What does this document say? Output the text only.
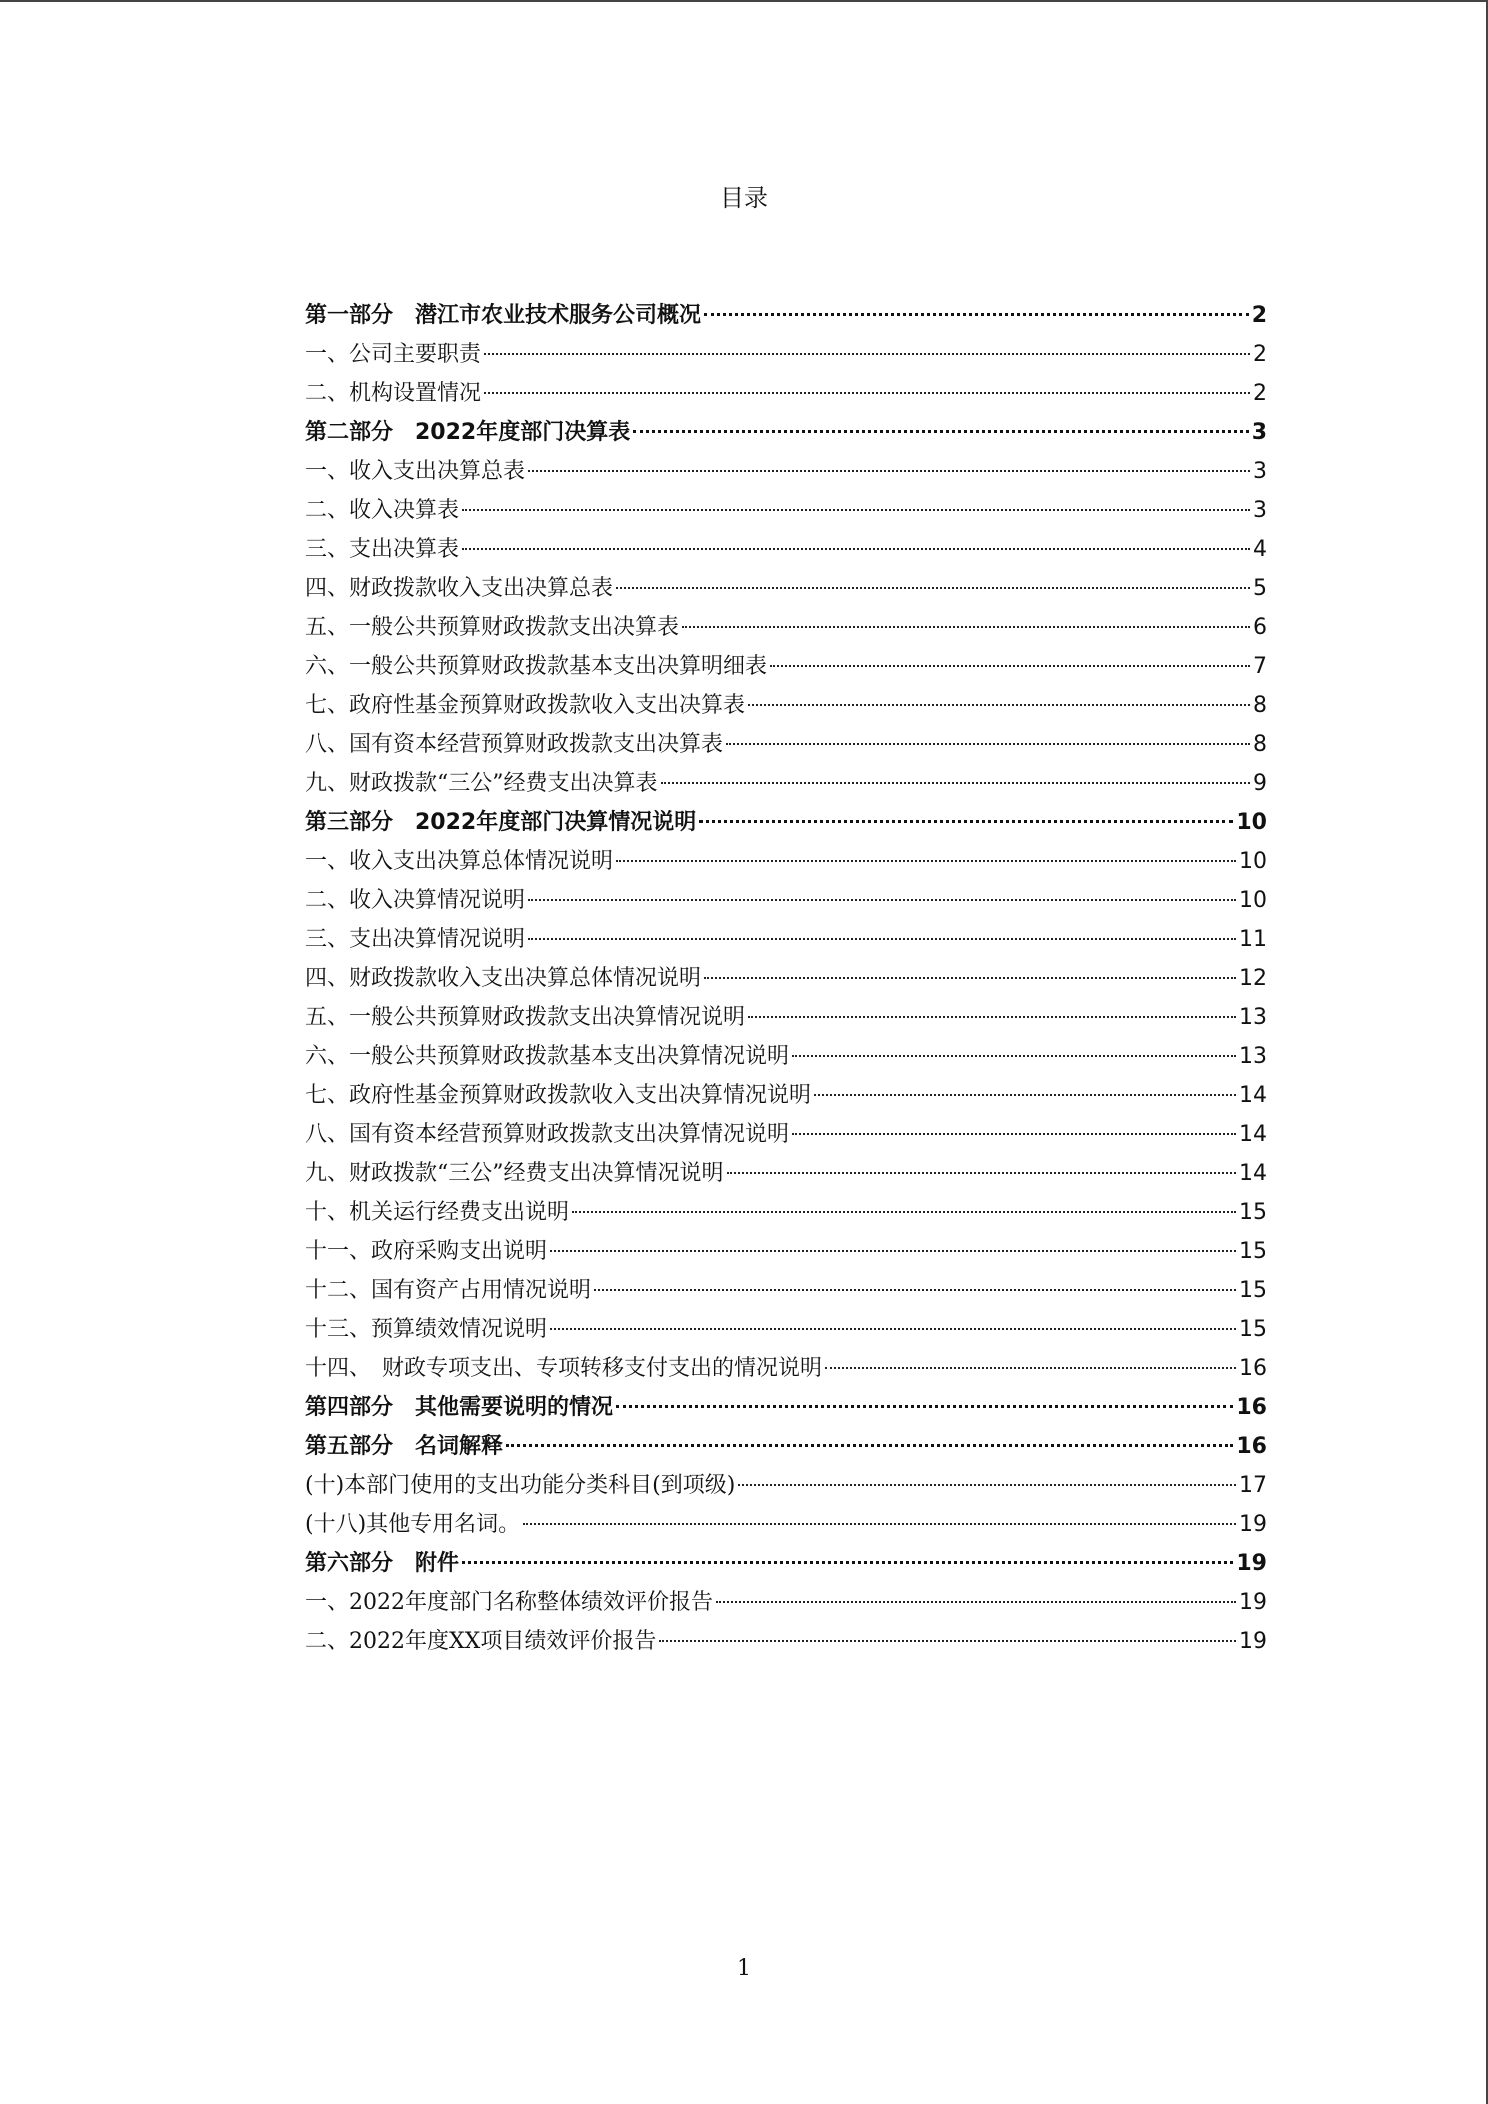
目录
第一部分　潜江市农业技术服务公司概况	2
一、公司主要职责	2
二、机构设置情况	2
第二部分　2022年度部门决算表	3
一、收入支出决算总表	3
二、收入决算表	3
三、支出决算表	4
四、财政拨款收入支出决算总表	5
五、一般公共预算财政拨款支出决算表	6
六、一般公共预算财政拨款基本支出决算明细表	7
七、政府性基金预算财政拨款收入支出决算表	8
八、国有资本经营预算财政拨款支出决算表	8
九、财政拨款“三公”经费支出决算表	9
第三部分　2022年度部门决算情况说明	10
一、收入支出决算总体情况说明	10
二、收入决算情况说明	10
三、支出决算情况说明	11
四、财政拨款收入支出决算总体情况说明	12
五、一般公共预算财政拨款支出决算情况说明	13
六、一般公共预算财政拨款基本支出决算情况说明	13
七、政府性基金预算财政拨款收入支出决算情况说明	14
八、国有资本经营预算财政拨款支出决算情况说明	14
九、财政拨款“三公”经费支出决算情况说明	14
十、机关运行经费支出说明	15
十一、政府采购支出说明	15
十二、国有资产占用情况说明	15
十三、预算绩效情况说明	15
十四、　财政专项支出、专项转移支付支出的情况说明	16
第四部分　其他需要说明的情况	16
第五部分　名词解释	16
(十)本部门使用的支出功能分类科目(到项级)	17
(十八)其他专用名词。	19
第六部分　附件	19
一、2022年度部门名称整体绩效评价报告	19
二、2022年度XX项目绩效评价报告	19
1
